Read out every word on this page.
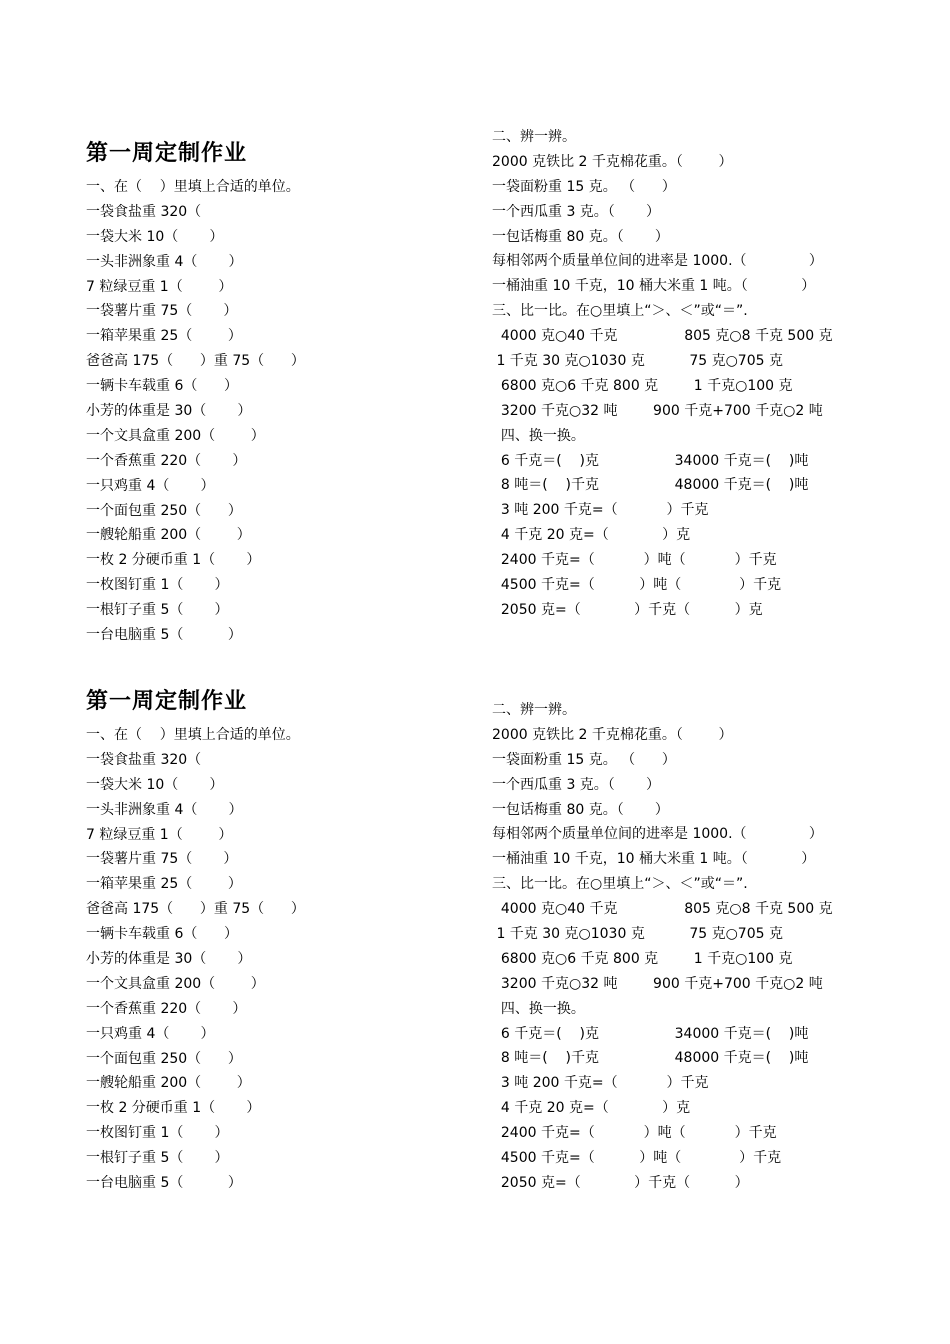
第一周定制作业
一、在（    ）里填上合适的单位。
一袋食盐重 320（
一袋大米 10（       ）
一头非洲象重 4（       ）
7 粒绿豆重 1（        ）
一袋薯片重 75（       ）
一箱苹果重 25（        ）
爸爸高 175（      ）重 75（      ）
一辆卡车载重 6（      ）
小芳的体重是 30（       ）
一个文具盒重 200（        ）
一个香蕉重 220（       ）
一只鸡重 4（       ）
一个面包重 250（      ）
一艘轮船重 200（        ）
一枚 2 分硬币重 1（       ）
一枚图钉重 1（       ）
一根钉子重 5（       ）
一台电脑重 5（          ）
二、辨一辨。
2000 克铁比 2 千克棉花重。（        ）
一袋面粉重 15 克。 （      ）
一个西瓜重 3 克。（       ）
一包话梅重 80 克。（       ）
每相邻两个质量单位间的进率是 1000.（              ）
一桶油重 10 千克，10 桶大米重 1 吨。（            ）
三、比一比。在○里填上“＞、＜”或“＝”.
4000 克○40 千克               805 克○8 千克 500 克
1 千克 30 克○1030 克          75 克○705 克
6800 克○6 千克 800 克        1 千克○100 克
3200 千克○32 吨        900 千克+700 千克○2 吨
四、换一换。
6 千克＝(    )克                 34000 千克＝(    )吨
8 吨＝(    )千克                 48000 千克＝(    )吨
3 吨 200 千克=（           ）千克
4 千克 20 克=（            ）克
2400 千克=（           ）吨（           ）千克
4500 千克=（          ）吨（             ）千克
2050 克=（            ）千克（          ）克
第一周定制作业
一、在（    ）里填上合适的单位。
一袋食盐重 320（
一袋大米 10（       ）
一头非洲象重 4（       ）
7 粒绿豆重 1（        ）
一袋薯片重 75（       ）
一箱苹果重 25（        ）
爸爸高 175（      ）重 75（      ）
一辆卡车载重 6（      ）
小芳的体重是 30（       ）
一个文具盒重 200（        ）
一个香蕉重 220（       ）
一只鸡重 4（       ）
一个面包重 250（      ）
一艘轮船重 200（        ）
一枚 2 分硬币重 1（       ）
一枚图钉重 1（       ）
一根钉子重 5（       ）
一台电脑重 5（          ）
二、辨一辨。
2000 克铁比 2 千克棉花重。（        ）
一袋面粉重 15 克。 （      ）
一个西瓜重 3 克。（       ）
一包话梅重 80 克。（       ）
每相邻两个质量单位间的进率是 1000.（              ）
一桶油重 10 千克，10 桶大米重 1 吨。（            ）
三、比一比。在○里填上“＞、＜”或“＝”.
4000 克○40 千克               805 克○8 千克 500 克
1 千克 30 克○1030 克          75 克○705 克
6800 克○6 千克 800 克        1 千克○100 克
3200 千克○32 吨        900 千克+700 千克○2 吨
四、换一换。
6 千克＝(    )克                 34000 千克＝(    )吨
8 吨＝(    )千克                 48000 千克＝(    )吨
3 吨 200 千克=（           ）千克
4 千克 20 克=（            ）克
2400 千克=（           ）吨（           ）千克
4500 千克=（          ）吨（             ）千克
2050 克=（            ）千克（          ）
